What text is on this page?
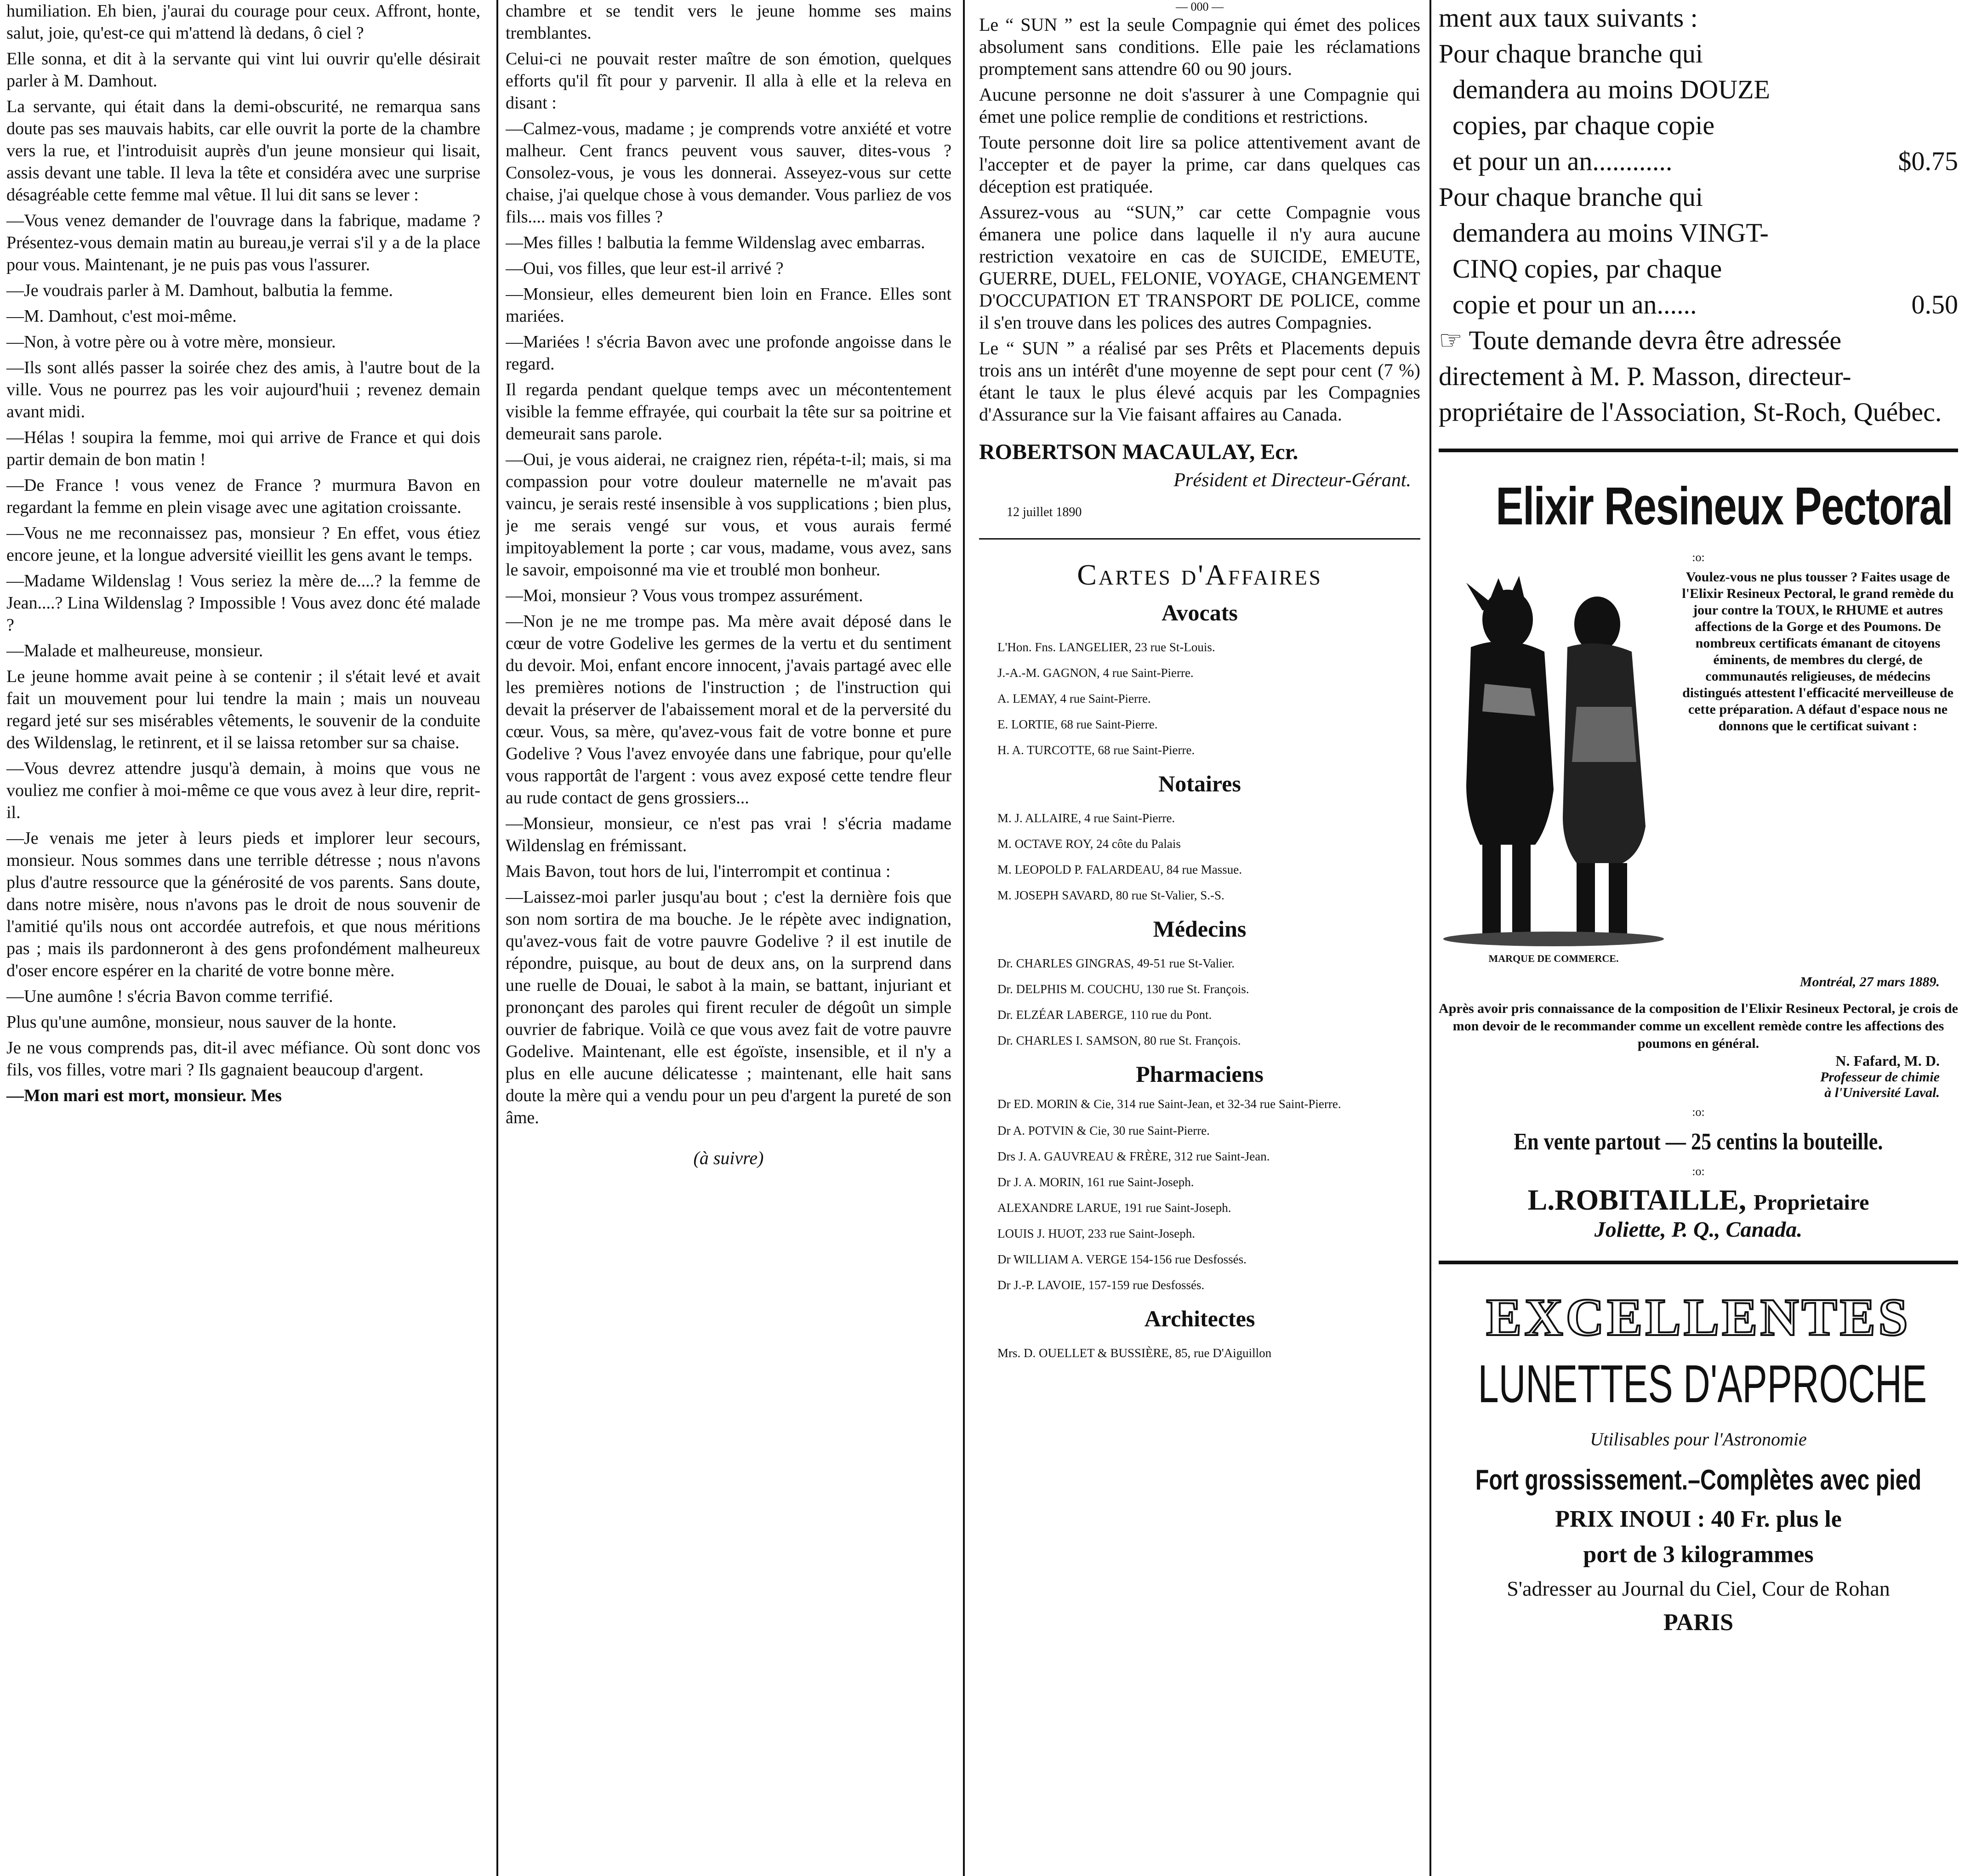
humiliation. Eh bien, j'aurai du courage pour ceux. Affront, honte, salut, joie, qu'est-ce qui m'attend là dedans, ô ciel ?

Elle sonna, et dit à la servante qui vint lui ouvrir qu'elle désirait parler à M. Damhout.

La servante, qui était dans la demi-obscurité, ne remarqua sans doute pas ses mauvais habits, car elle ouvrit la porte de la chambre vers la rue, et l'introduisit auprès d'un jeune monsieur qui lisait, assis devant une table. Il leva la tête et considéra avec une surprise désagréable cette femme mal vêtue. Il lui dit sans se lever :

—Vous venez demander de l'ouvrage dans la fabrique, madame ? Présentez-vous demain matin au bureau,je verrai s'il y a de la place pour vous. Maintenant, je ne puis pas vous l'assurer.

—Je voudrais parler à M. Damhout, balbutia la femme.

—M. Damhout, c'est moi-même.

—Non, à votre père ou à votre mère, monsieur.

—Ils sont allés passer la soirée chez des amis, à l'autre bout de la ville. Vous ne pourrez pas les voir aujourd'huii ; revenez demain avant midi.

—Hélas ! soupira la femme, moi qui arrive de France et qui dois partir demain de bon matin !

—De France ! vous venez de France ? murmura Bavon en regardant la femme en plein visage avec une agitation croissante.

—Vous ne me reconnaissez pas, monsieur ? En effet, vous étiez encore jeune, et la longue adversité vieillit les gens avant le temps.

—Madame Wildenslag ! Vous seriez la mère de....? la femme de Jean....? Lina Wildenslag ? Impossible ! Vous avez donc été malade ?

—Malade et malheureuse, monsieur.

Le jeune homme avait peine à se contenir ; il s'était levé et avait fait un mouvement pour lui tendre la main ; mais un nouveau regard jeté sur ses misérables vêtements, le souvenir de la conduite des Wildenslag, le retinrent, et il se laissa retomber sur sa chaise.

—Vous devrez attendre jusqu'à demain, à moins que vous ne vouliez me confier à moi-même ce que vous avez à leur dire, reprit-il.

—Je venais me jeter à leurs pieds et implorer leur secours, monsieur. Nous sommes dans une terrible détresse ; nous n'avons plus d'autre ressource que la générosité de vos parents. Sans doute, dans notre misère, nous n'avons pas le droit de nous souvenir de l'amitié qu'ils nous ont accordée autrefois, et que nous méritions pas ; mais ils pardonneront à des gens profondément malheureux d'oser encore espérer en la charité de votre bonne mère.

—Une aumône ! s'écria Bavon comme terrifié.

Plus qu'une aumône, monsieur, nous sauver de la honte.

Je ne vous comprends pas, dit-il avec méfiance. Où sont donc vos fils, vos filles, votre mari ? Ils gagnaient beaucoup d'argent.

—Mon mari est mort, monsieur. Mes

chambre et se tendit vers le jeune homme ses mains tremblantes.

Celui-ci ne pouvait rester maître de son émotion, quelques efforts qu'il fît pour y parvenir. Il alla à elle et la releva en disant :

—Calmez-vous, madame ; je comprends votre anxiété et votre malheur. Cent francs peuvent vous sauver, dites-vous ? Consolez-vous, je vous les donnerai. Asseyez-vous sur cette chaise, j'ai quelque chose à vous demander. Vous parliez de vos fils.... mais vos filles ?

—Mes filles ! balbutia la femme Wildenslag avec embarras.

—Oui, vos filles, que leur est-il arrivé ?

—Monsieur, elles demeurent bien loin en France. Elles sont mariées.

—Mariées ! s'écria Bavon avec une profonde angoisse dans le regard.

Il regarda pendant quelque temps avec un mécontentement visible la femme effrayée, qui courbait la tête sur sa poitrine et demeurait sans parole.

—Oui, je vous aiderai, ne craignez rien, répéta-t-il; mais, si ma compassion pour votre douleur maternelle ne m'avait pas vaincu, je serais resté insensible à vos supplications ; bien plus, je me serais vengé sur vous, et vous aurais fermé impitoyablement la porte ; car vous, madame, vous avez, sans le savoir, empoisonné ma vie et troublé mon bonheur.

—Moi, monsieur ? Vous vous trompez assurément.

—Non je ne me trompe pas. Ma mère avait déposé dans le cœur de votre Godelive les germes de la vertu et du sentiment du devoir. Moi, enfant encore innocent, j'avais partagé avec elle les premières notions de l'instruction ; de l'instruction qui devait la préserver de l'abaissement moral et de la perversité du cœur. Vous, sa mère, qu'avez-vous fait de votre bonne et pure Godelive ? Vous l'avez envoyée dans une fabrique, pour qu'elle vous rapportât de l'argent : vous avez exposé cette tendre fleur au rude contact de gens grossiers...

—Monsieur, monsieur, ce n'est pas vrai ! s'écria madame Wildenslag en frémissant.

Mais Bavon, tout hors de lui, l'interrompit et continua :

—Laissez-moi parler jusqu'au bout ; c'est la dernière fois que son nom sortira de ma bouche. Je le répète avec indignation, qu'avez-vous fait de votre pauvre Godelive ? il est inutile de répondre, puisque, au bout de deux ans, on la surprend dans une ruelle de Douai, le sabot à la main, se battant, injuriant et prononçant des paroles qui firent reculer de dégoût un simple ouvrier de fabrique. Voilà ce que vous avez fait de votre pauvre Godelive. Maintenant, elle est égoïste, insensible, et il n'y a plus en elle aucune délicatesse ; maintenant, elle hait sans doute la mère qui a vendu pour un peu d'argent la pureté de son âme.

(à suivre)
— 000 —

Le “ SUN ” est la seule Compagnie qui émet des polices absolument sans conditions. Elle paie les réclamations promptement sans attendre 60 ou 90 jours.

Aucune personne ne doit s'assurer à une Compagnie qui émet une police remplie de conditions et restrictions.

Toute personne doit lire sa police attentivement avant de l'accepter et de payer la prime, car dans quelques cas déception est pratiquée.

Assurez-vous au “SUN,” car cette Compagnie vous émanera une police dans laquelle il n'y aura aucune restriction vexatoire en cas de SUICIDE, EMEUTE, GUERRE, DUEL, FELONIE, VOYAGE, CHANGEMENT D'OCCUPATION ET TRANSPORT DE POLICE, comme il s'en trouve dans les polices des autres Compagnies.

Le “ SUN ” a réalisé par ses Prêts et Placements depuis trois ans un intérêt d'une moyenne de sept pour cent (7 %) étant le taux le plus élevé acquis par les Compagnies d'Assurance sur la Vie faisant affaires au Canada.

ROBERTSON MACAULAY, Ecr.
Président et Directeur-Gérant.
12 juillet 1890
Cartes d'Affaires
Avocats
L'Hon. Fns. LANGELIER, 23 rue St-Louis.
J.-A.-M. GAGNON, 4 rue Saint-Pierre.
A. LEMAY, 4 rue Saint-Pierre.
E. LORTIE, 68 rue Saint-Pierre.
H. A. TURCOTTE, 68 rue Saint-Pierre.
Notaires
M. J. ALLAIRE, 4 rue Saint-Pierre.
M. OCTAVE ROY, 24 côte du Palais
M. LEOPOLD P. FALARDEAU, 84 rue Massue.
M. JOSEPH SAVARD, 80 rue St-Valier, S.-S.
Médecins
Dr. CHARLES GINGRAS, 49-51 rue St-Valier.
Dr. DELPHIS M. COUCHU, 130 rue St. François.
Dr. ELZÉAR LABERGE, 110 rue du Pont.
Dr. CHARLES I. SAMSON, 80 rue St. François.
Pharmaciens
Dr ED. MORIN & Cie, 314 rue Saint-Jean, et 32-34 rue Saint-Pierre.
Dr A. POTVIN & Cie, 30 rue Saint-Pierre.
Drs J. A. GAUVREAU & FRÈRE, 312 rue Saint-Jean.
Dr J. A. MORIN, 161 rue Saint-Joseph.
ALEXANDRE LARUE, 191 rue Saint-Joseph.
LOUIS J. HUOT, 233 rue Saint-Joseph.
Dr WILLIAM A. VERGE 154-156 rue Desfossés.
Dr J.-P. LAVOIE, 157-159 rue Desfossés.
Architectes
Mrs. D. OUELLET & BUSSIÈRE, 85, rue D'Aiguillon
ment aux taux suivants :
Pour chaque branche qui
demandera au moins DOUZE
copies, par chaque copie
et pour un an............	$0.75
Pour chaque branche qui
demandera au moins VINGT-
CINQ copies, par chaque
copie et pour un an......	0.50
☞ Toute demande devra être adressée directement à M. P. Masson, directeur-propriétaire de l'Association, St-Roch, Québec.
Elixir Resineux Pectoral
:o:
MARQUE DE COMMERCE.
Voulez-vous ne plus tousser ? Faites usage de l'Elixir Resineux Pectoral, le grand remède du jour contre la TOUX, le RHUME et autres affections de la Gorge et des Poumons. De nombreux certificats émanant de citoyens éminents, de membres du clergé, de communautés religieuses, de médecins distingués attestent l'efficacité merveilleuse de cette préparation. A défaut d'espace nous ne donnons que le certificat suivant :
Montréal, 27 mars 1889.
Après avoir pris connaissance de la composition de l'Elixir Resineux Pectoral, je crois de mon devoir de le recommander comme un excellent remède contre les affections des poumons en général.
N. Fafard, M. D.
Professeur de chimie
à l'Université Laval.
:o:
En vente partout — 25 centins la bouteille.
:o:
L.ROBITAILLE, Proprietaire
Joliette, P. Q., Canada.
EXCELLENTES
LUNETTES D'APPROCHE
Utilisables pour l'Astronomie
Fort grossissement.–Complètes avec pied
PRIX INOUI : 40 Fr. plus le
port de 3 kilogrammes
S'adresser au Journal du Ciel, Cour de Rohan
PARIS
